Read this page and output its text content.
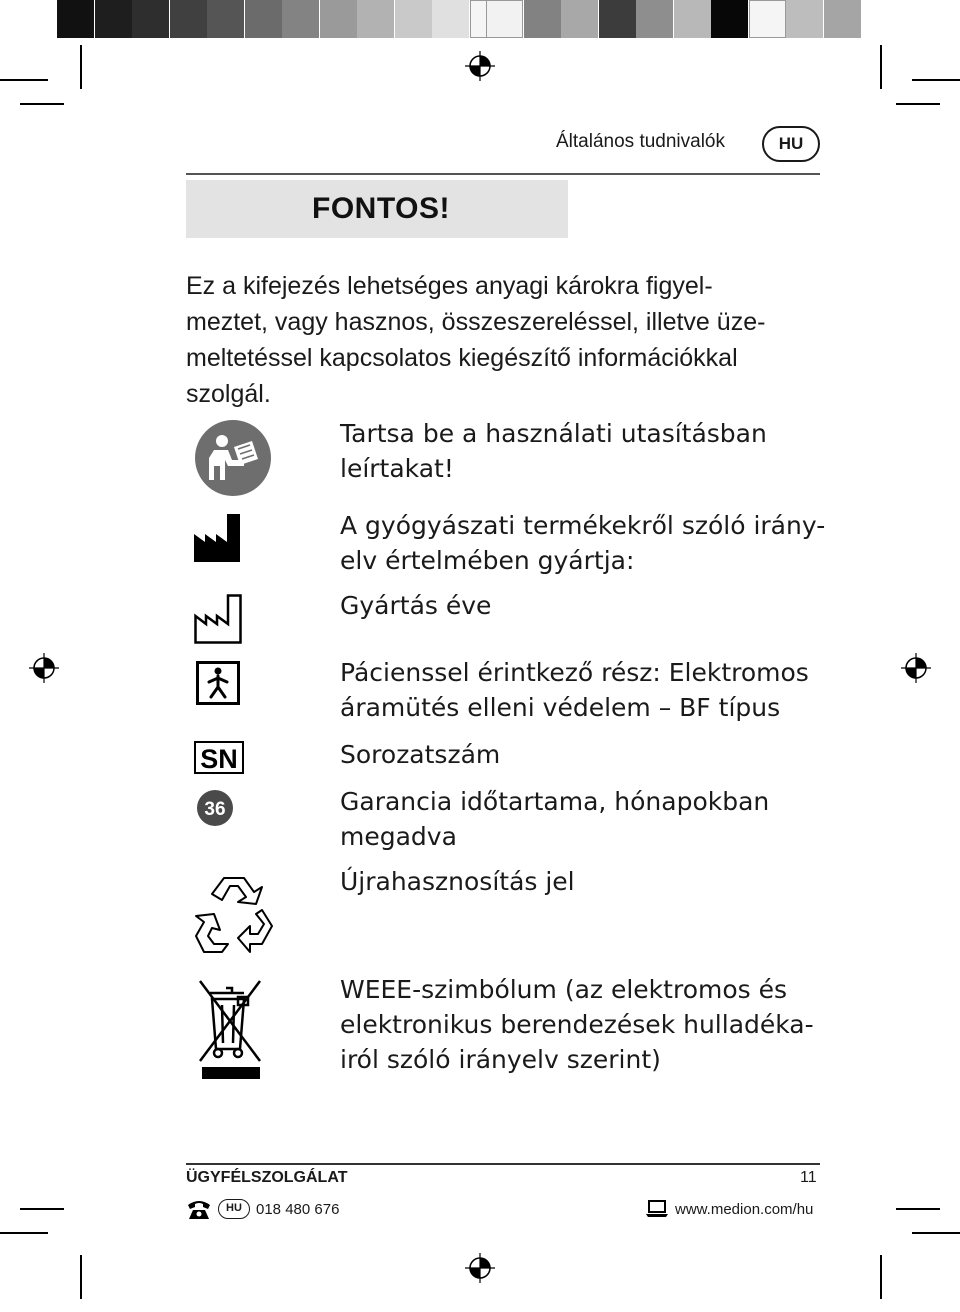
Általános tudnivalók	HU
FONTOS!
Ez a kifejezés lehetséges anyagi károkra figyel-
meztet, vagy hasznos, összeszereléssel, illetve üze-
meltetéssel kapcsolatos kiegészítő információkkal
szolgál.
Tartsa be a használati utasításban
leírtakat!
A gyógyászati termékekről szóló irány-
elv értelmében gyártja:
Gyártás éve
Pácienssel érintkező rész: Elektromos
áramütés elleni védelem – BF típus
SN	Sorozatszám
36	Garancia időtartama, hónapokban
megadva
Újrahasznosítás jel
WEEE-szimbólum (az elektromos és
elektronikus berendezések hulladéka-
iról szóló irányelv szerint)
ÜGYFÉLSZOLGÁLAT	11
HU 018 480 676	www.medion.com/hu
